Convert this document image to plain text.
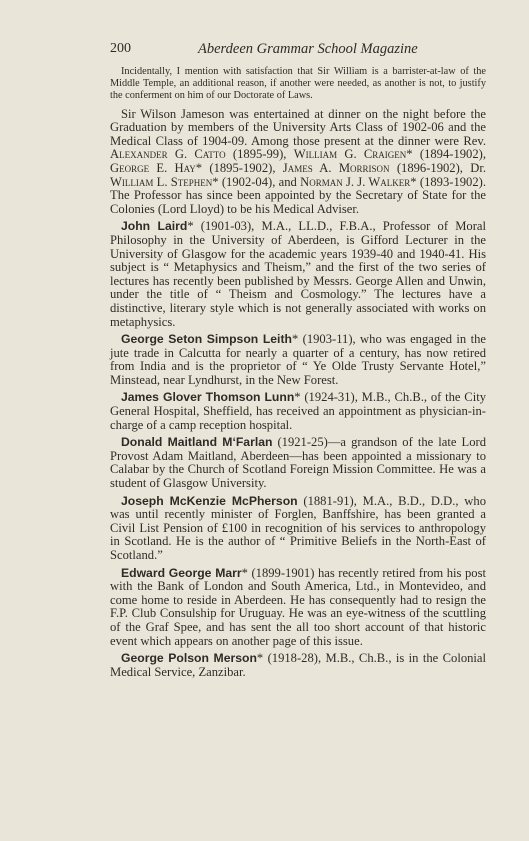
200	Aberdeen Grammar School Magazine

Incidentally, I mention with satisfaction that Sir William is a barrister-at-law of the Middle Temple, an additional reason, if another were needed, as another is not, to justify the conferment on him of our Doctorate of Laws.

Sir Wilson Jameson was entertained at dinner on the night before the Graduation by members of the University Arts Class of 1902-06 and the Medical Class of 1904-09. Among those present at the dinner were Rev. Alexander G. Catto (1895-99), William G. Craigen* (1894-1902), George E. Hay* (1895-1902), James A. Morrison (1896-1902), Dr. William L. Stephen* (1902-04), and Norman J. J. Walker* (1893-1902). The Professor has since been appointed by the Secretary of State for the Colonies (Lord Lloyd) to be his Medical Adviser.

John Laird* (1901-03), M.A., LL.D., F.B.A., Professor of Moral Philosophy in the University of Aberdeen, is Gifford Lecturer in the University of Glasgow for the academic years 1939-40 and 1940-41. His subject is “ Metaphysics and Theism,” and the first of the two series of lectures has recently been published by Messrs. George Allen and Unwin, under the title of “ Theism and Cosmology.” The lectures have a distinctive, literary style which is not generally associated with works on metaphysics.

George Seton Simpson Leith* (1903-11), who was engaged in the jute trade in Calcutta for nearly a quarter of a century, has now retired from India and is the proprietor of “ Ye Olde Trusty Servante Hotel,” Minstead, near Lyndhurst, in the New Forest.

James Glover Thomson Lunn* (1924-31), M.B., Ch.B., of the City General Hospital, Sheffield, has received an appointment as physician-in-charge of a camp reception hospital.

Donald Maitland M‘Farlan (1921-25)—a grandson of the late Lord Provost Adam Maitland, Aberdeen—has been appointed a missionary to Calabar by the Church of Scotland Foreign Mission Committee. He was a student of Glasgow University.

Joseph McKenzie McPherson (1881-91), M.A., B.D., D.D., who was until recently minister of Forglen, Banffshire, has been granted a Civil List Pension of £100 in recognition of his services to anthropology in Scotland. He is the author of “ Primitive Beliefs in the North-East of Scotland.”

Edward George Marr* (1899-1901) has recently retired from his post with the Bank of London and South America, Ltd., in Montevideo, and come home to reside in Aberdeen. He has consequently had to resign the F.P. Club Consulship for Uruguay. He was an eye-witness of the scuttling of the Graf Spee, and has sent the all too short account of that historic event which appears on another page of this issue.

George Polson Merson* (1918-28), M.B., Ch.B., is in the Colonial Medical Service, Zanzibar.
